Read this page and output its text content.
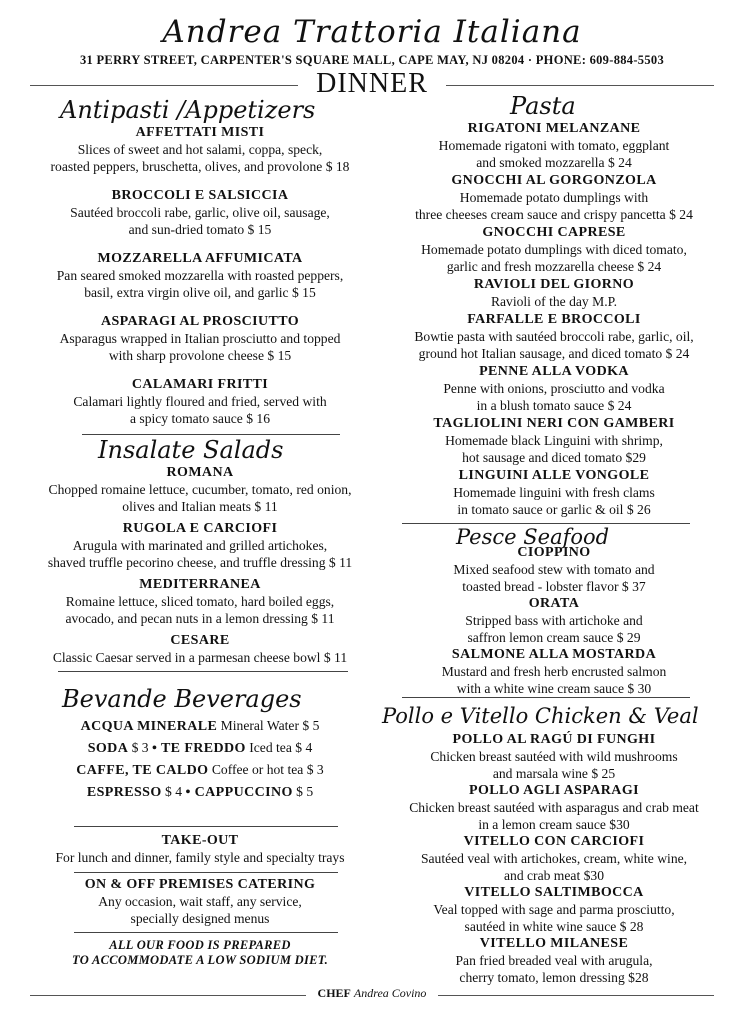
Andrea Trattoria Italiana
31 PERRY STREET, CARPENTER'S SQUARE MALL, CAPE MAY, NJ 08204 · PHONE: 609-884-5503
DINNER
Antipasti /Appetizers
AFFETTATI MISTI
Slices of sweet and hot salami, coppa, speck,
roasted peppers, bruschetta, olives, and provolone $ 18
BROCCOLI E SALSICCIA
Sautéed broccoli rabe, garlic, olive oil, sausage,
and sun-dried tomato $ 15
MOZZARELLA AFFUMICATA
Pan seared smoked mozzarella with roasted peppers,
basil, extra virgin olive oil, and garlic $ 15
ASPARAGI AL PROSCIUTTO
Asparagus wrapped in Italian prosciutto and topped
with sharp provolone cheese $ 15
CALAMARI FRITTI
Calamari lightly floured and fried, served with
a spicy tomato sauce $ 16
Insalate Salads
ROMANA
Chopped romaine lettuce, cucumber, tomato, red onion,
olives and Italian meats $ 11
RUGOLA E CARCIOFI
Arugula with marinated and grilled artichokes,
shaved truffle pecorino cheese, and truffle dressing $ 11
MEDITERRANEA
Romaine lettuce, sliced tomato, hard boiled eggs,
avocado, and pecan nuts in a lemon dressing $ 11
CESARE
Classic Caesar served in a parmesan cheese bowl $ 11
Bevande Beverages
ACQUA MINERALE Mineral Water $ 5
SODA $ 3 • TE FREDDO Iced tea $ 4
CAFFE, TE CALDO Coffee or hot tea $ 3
ESPRESSO $ 4 • CAPPUCCINO $ 5
TAKE-OUT
For lunch and dinner, family style and specialty trays
ON & OFF PREMISES CATERING
Any occasion, wait staff, any service,
specially designed menus
ALL OUR FOOD IS PREPARED
TO ACCOMMODATE A LOW SODIUM DIET.
Pasta
RIGATONI MELANZANE
Homemade rigatoni with tomato, eggplant
and smoked mozzarella $ 24
GNOCCHI AL GORGONZOLA
Homemade potato dumplings with
three cheeses cream sauce and crispy pancetta $ 24
GNOCCHI CAPRESE
Homemade potato dumplings with diced tomato,
garlic and fresh mozzarella cheese $ 24
RAVIOLI DEL GIORNO
Ravioli of the day M.P.
FARFALLE E BROCCOLI
Bowtie pasta with sautéed broccoli rabe, garlic, oil,
ground hot Italian sausage, and diced tomato $ 24
PENNE ALLA VODKA
Penne with onions, prosciutto and vodka
in a blush tomato sauce $ 24
TAGLIOLINI NERI CON GAMBERI
Homemade black Linguini with shrimp,
hot sausage and diced tomato $29
LINGUINI ALLE VONGOLE
Homemade linguini with fresh clams
in tomato sauce or garlic & oil $ 26
Pesce Seafood
CIOPPINO
Mixed seafood stew with tomato and
toasted bread - lobster flavor $ 37
ORATA
Stripped bass with artichoke and
saffron lemon cream sauce $ 29
SALMONE ALLA MOSTARDA
Mustard and fresh herb encrusted salmon
with a white wine cream sauce $ 30
Pollo e Vitello Chicken & Veal
POLLO AL RAGÚ DI FUNGHI
Chicken breast sautéed with wild mushrooms
and marsala wine $ 25
POLLO AGLI ASPARAGI
Chicken breast sautéed with asparagus and crab meat
in a lemon cream sauce $30
VITELLO CON CARCIOFI
Sautéed veal with artichokes, cream, white wine,
and crab meat $30
VITELLO SALTIMBOCCA
Veal topped with sage and parma prosciutto,
sautéed in white wine sauce $ 28
VITELLO MILANESE
Pan fried breaded veal with arugula,
cherry tomato, lemon dressing $28
CHEF Andrea Covino
